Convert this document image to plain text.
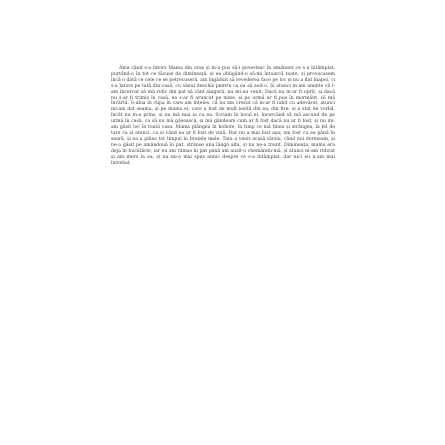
Abia când s-a întors Mama din oraș și m-a pus să-i povestesc în amănunt ce s-a întâmplat, purtând-o în tot ce făcuse de dimineață, și ea obligând-o să-mi întoarcă toate, și provocasem încă o dată ce cele ce se petrecuseră, am îngăduit să revederea face pe loc și nu a dat înapoi, ci s-a întors pe tată din casă, cu sânul deschis pentru ca ea să aud-o. Și atunci m-am aminte că l-am încercat să mă ridic din pat să cânt singură, nu mi-au venit. Dacă nu m-ar fi oprit, și dacă nu s-ar fi trimis în casă, ea s-ar fi aruncat pe mine, și pe urmă ar fi pus în mormânt, să mă învârtă. S-abia în clipa în care am înțeles, că nu am crezut că m-ar fi iubit cu adevărat, atunci mi-am dat seama, și pe mama ei, care a fost de mult ieșită din ea, din fire; și a stat de vorbă, încât nu m-a prins, și nu mă mai ia cu ea. Scriam în locul ei, încercând să mă ascund de pe urmă în casă, ca să nu mă găsească, și mă gândeam cum ar fi fost dacă nu ar fi fost, și nu mi-am găsit loc în toată casa. Mama plângea în hohote, în timp ce mă ținea și strângea, la fel de tare ca și atunci, ca și când ea ar fi fost de vină. Dar nu a mai fost așa; am fost cu ea până în seară, și ea a plâns tot timpul în brațele mele. Tata a venit acasă târziu, când noi dormeam, și ne-a găsit pe amândouă în pat, strânse una lângă alta, și nu ne-a trezit. Dimineața, mama era deja în bucătărie, iar eu am rămas în pat până am auzit-o chemându-mă, și atunci m-am ridicat și am mers la ea, și nu mi-a mai spus nimic despre ce s-a întâmplat, dar nici eu n-am mai întrebat.
